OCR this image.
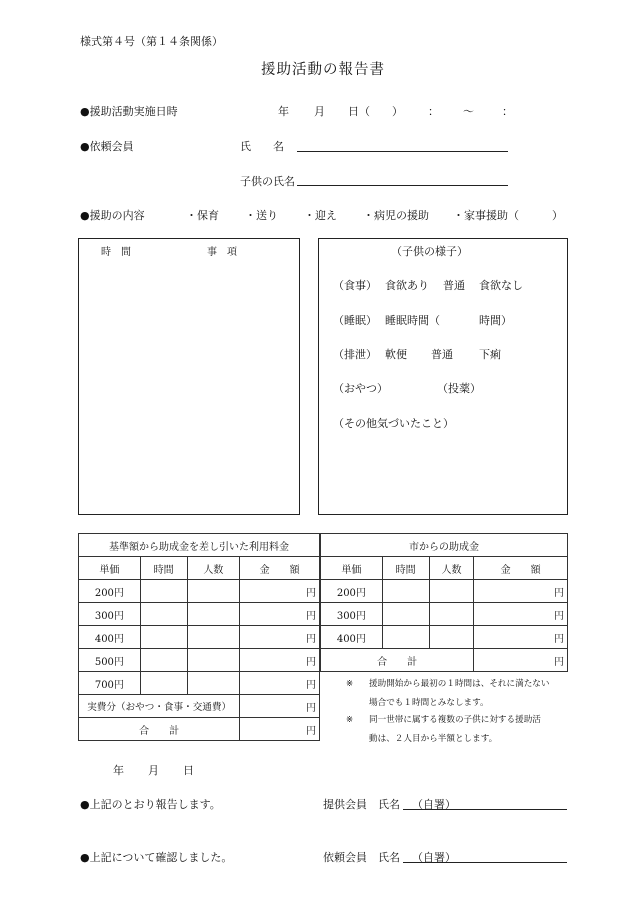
様式第４号（第１４条関係）
援助活動の報告書
●援助活動実施日時	年 月 日（ ） ： ～	：
●依頼会員	氏　　名
子供の氏名
●援助の内容	・保育 ・送り ・迎え ・病児の援助 ・家事援助（　　　）
時　間	事　項	（子供の様子）
（食事） 食欲あり 普通 食欲なし
（睡眠） 睡眠時間（	時間）
（排泄） 軟便 普通 下痢
（おやつ）	（投薬）
（その他気づいたこと）
基準額から助成金を差し引いた利用料金			
単価	時間	人数	金　　額
200円			円
300円			円
400円			円
500円			円
700円			円
実費分（おやつ・食事・交通費）			円
合　　計			円
市からの助成金			
単価	時間	人数	金　　額
200円			円
300円			円
400円			円
合　　計			円
※ 援助開始から最初の１時間は、それに満たない
場合でも１時間とみなします。
※ 同一世帯に属する複数の子供に対する援助活
動は、２人目から半額とします。
年 月 日
●上記のとおり報告します。	提供会員　氏名 （自署）
●上記について確認しました。	依頼会員　氏名 （自署）
